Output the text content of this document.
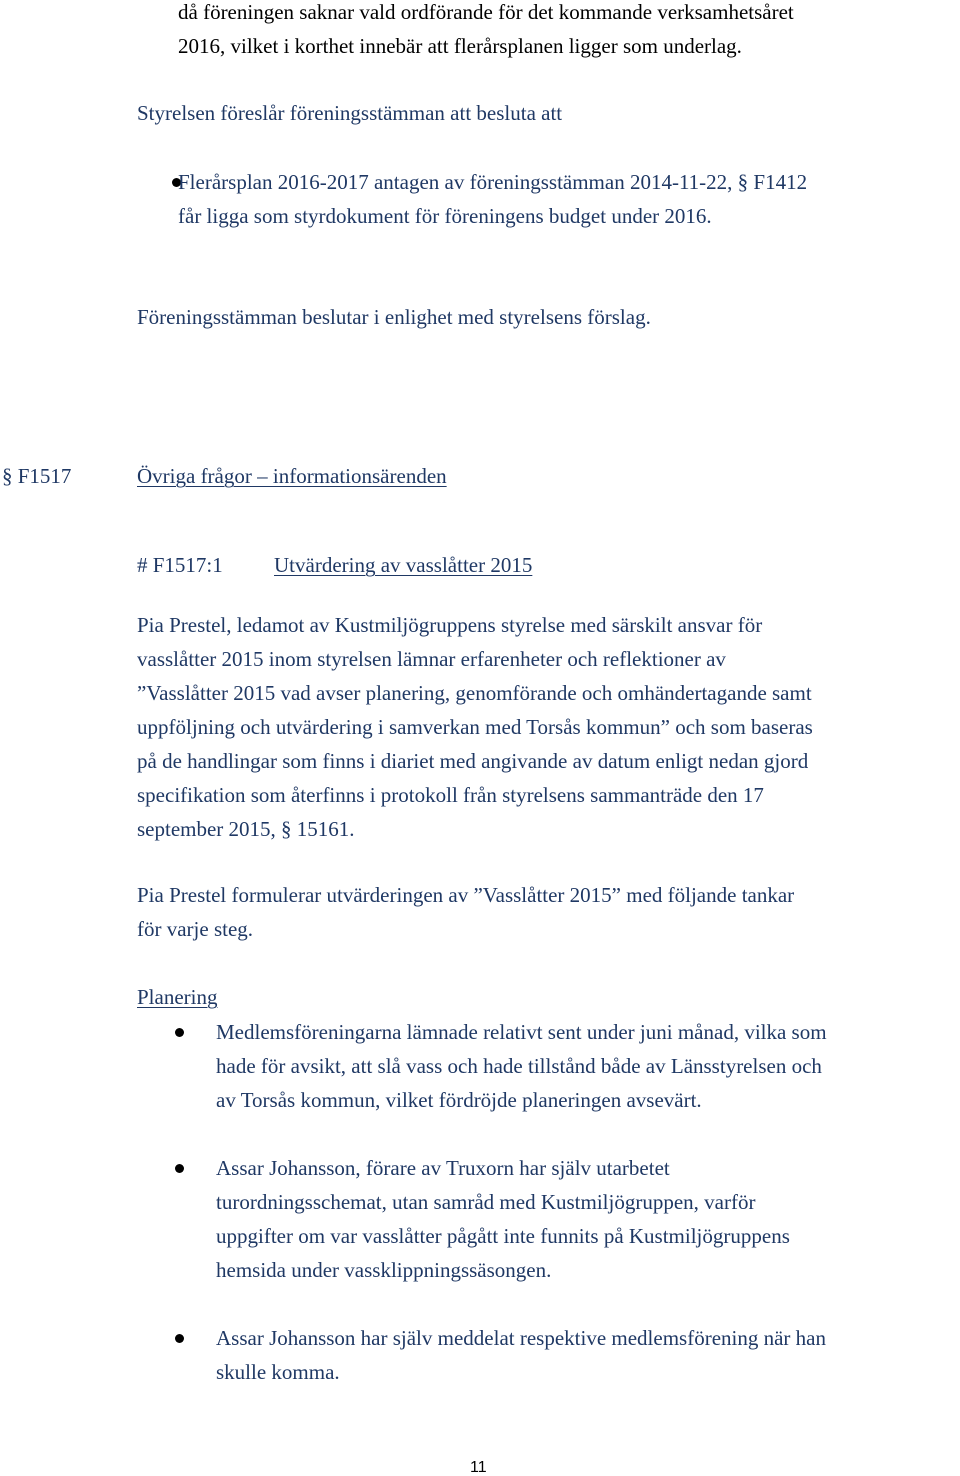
då föreningen saknar vald ordförande för det kommande verksamhetsåret

2016, vilket i korthet innebär att flerårsplanen ligger som underlag.

Styrelsen föreslår föreningsstämman att besluta att

Flerårsplan 2016-2017 antagen av föreningsstämman 2014-11-22, § F1412

får ligga som styrdokument för föreningens budget under 2016.

Föreningsstämman beslutar i enlighet med styrelsens förslag.

§ F1517	Övriga frågor – informationsärenden

# F1517:1 Utvärdering av vasslåtter 2015

Pia Prestel, ledamot av Kustmiljögruppens styrelse med särskilt ansvar för

vasslåtter 2015 inom styrelsen lämnar erfarenheter och reflektioner av

”Vasslåtter 2015 vad avser planering, genomförande och omhändertagande samt

uppföljning och utvärdering i samverkan med Torsås kommun” och som baseras

på de handlingar som finns i diariet med angivande av datum enligt nedan gjord

specifikation som återfinns i protokoll från styrelsens sammanträde den 17

september 2015, § 15161.

Pia Prestel formulerar utvärderingen av ”Vasslåtter 2015” med följande tankar

för varje steg.

Planering

Medlemsföreningarna lämnade relativt sent under juni månad, vilka som

hade för avsikt, att slå vass och hade tillstånd både av Länsstyrelsen och

av Torsås kommun, vilket fördröjde planeringen avsevärt.

Assar Johansson, förare av Truxorn har själv utarbetet

turordningsschemat, utan samråd med Kustmiljögruppen, varför

uppgifter om var vasslåtter pågått inte funnits på Kustmiljögruppens

hemsida under vassklippningssäsongen.

Assar Johansson har själv meddelat respektive medlemsförening när han

skulle komma.

11
